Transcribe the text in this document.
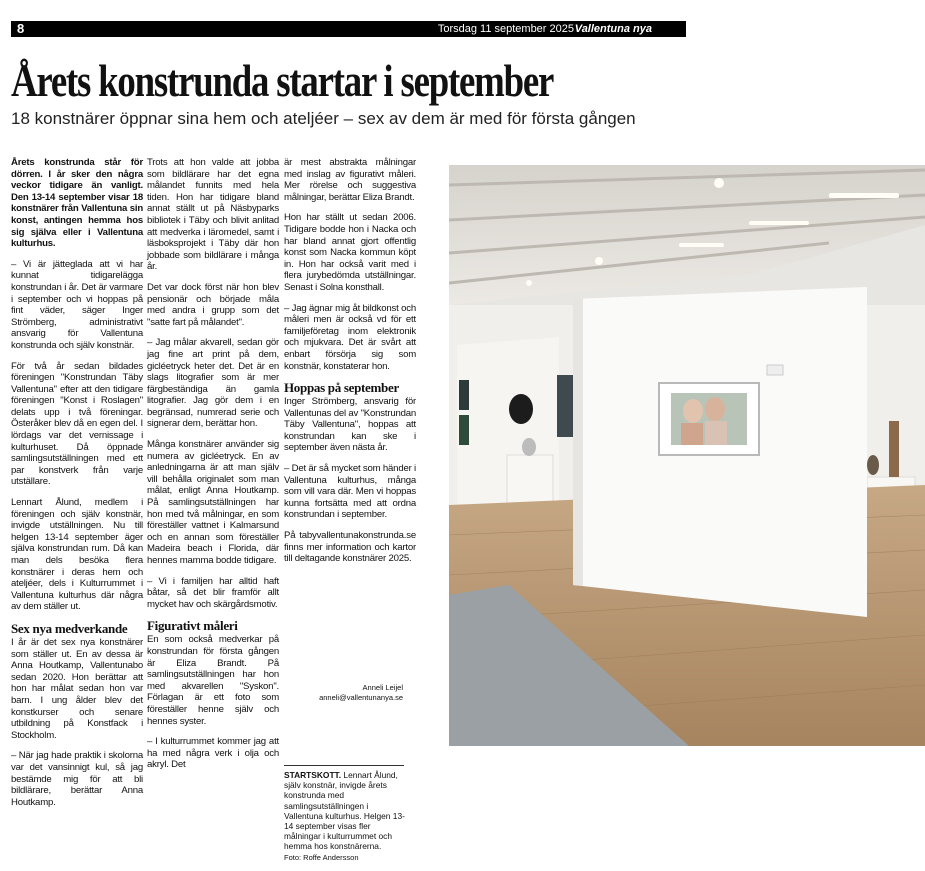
8	Torsdag 11 september 2025 Vallentuna nya
Årets konstrunda startar i september
18 konstnärer öppnar sina hem och ateljéer – sex av dem är med för första gången

Årets konstrunda står för dörren. I år sker den några veckor tidigare än vanligt. Den 13-14 september visar 18 konstnärer från Vallentuna sin konst, antingen hemma hos sig själva eller i Vallentuna kulturhus.

– Vi är jätteglada att vi har kunnat tidigarelägga konstrundan i år. Det är varmare i september och vi hoppas på fint väder, säger Inger Strömberg, administrativt ansvarig för Vallentuna konstrunda och själv konstnär.

För två år sedan bildades föreningen "Konstrundan Täby Vallentuna" efter att den tidigare föreningen "Konst i Roslagen" delats upp i två föreningar. Österåker blev då en egen del. I lördags var det vernissage i kulturhuset. Då öppnade samlingsutställningen med ett par konstverk från varje utställare.

Lennart Ålund, medlem i föreningen och själv konstnär, invigde utställningen. Nu till helgen 13-14 september äger själva konstrundan rum. Då kan man dels besöka flera konstnärer i deras hem och ateljéer, dels i Kulturrummet i Vallentuna kulturhus där några av dem ställer ut.

Sex nya medverkande

I år är det sex nya konstnärer som ställer ut. En av dessa är Anna Houtkamp, Vallentunabo sedan 2020. Hon berättar att hon har målat sedan hon var barn. I ung ålder blev det konstkurser och senare utbildning på Konstfack i Stockholm.

– När jag hade praktik i skolorna var det vansinnigt kul, så jag bestämde mig för att bli bildlärare, berättar Anna Houtkamp.

Trots att hon valde att jobba som bildlärare har det egna målandet funnits med hela tiden. Hon har tidigare bland annat ställt ut på Näsbyparks bibliotek i Täby och blivit anlitad att medverka i läromedel, samt i läsboksprojekt i Täby där hon jobbade som bildlärare i många år.

Det var dock först när hon blev pensionär och började måla med andra i grupp som det "satte fart på målandet".

– Jag målar akvarell, sedan gör jag fine art print på dem, gicléetryck heter det. Det är en slags litografier som är mer färgbeständiga än gamla litografier. Jag gör dem i en begränsad, numrerad serie och signerar dem, berättar hon.

Många konstnärer använder sig numera av gicléetryck. En av anledningarna är att man själv vill behålla originalet som man målat, enligt Anna Houtkamp. På samlingsutställningen har hon med två målningar, en som föreställer vattnet i Kalmarsund och en annan som föreställer Madeira beach i Florida, där hennes mamma bodde tidigare.

– Vi i familjen har alltid haft båtar, så det blir framför allt mycket hav och skärgårdsmotiv.

Figurativt måleri

En som också medverkar på konstrundan för första gången är Eliza Brandt. På samlingsutställningen har hon med akvarellen "Syskon". Förlagan är ett foto som föreställer henne själv och hennes syster.

– I kulturrummet kommer jag att ha med några verk i olja och akryl. Det

är mest abstrakta målningar med inslag av figurativt måleri. Mer rörelse och suggestiva målningar, berättar Eliza Brandt.

Hon har ställt ut sedan 2006. Tidigare bodde hon i Nacka och har bland annat gjort offentlig konst som Nacka kommun köpt in. Hon har också varit med i flera jurybedömda utställningar. Senast i Solna konsthall.

– Jag ägnar mig åt bildkonst och måleri men är också vd för ett familjeföretag inom elektronik och mjukvara. Det är svårt att enbart försörja sig som konstnär, konstaterar hon.

Hoppas på september

Inger Strömberg, ansvarig för Vallentunas del av "Konstrundan Täby Vallentuna", hoppas att konstrundan kan ske i september även nästa år.

– Det är så mycket som händer i Vallentuna kulturhus, många som vill vara där. Men vi hoppas kunna fortsätta med att ordna konstrundan i september.

På tabyvallentunakonstrunda.se finns mer information och kartor till deltagande konstnärer 2025.

Anneli Leijel
anneli@vallentunanya.se
STARTSKOTT. Lennart Ålund, själv konstnär, invigde årets konstrunda med samlingsutställningen i Vallentuna kulturhus. Helgen 13-14 september visas fler målningar i kulturrummet och hemma hos konstnärerna.
Foto: Roffe Andersson
